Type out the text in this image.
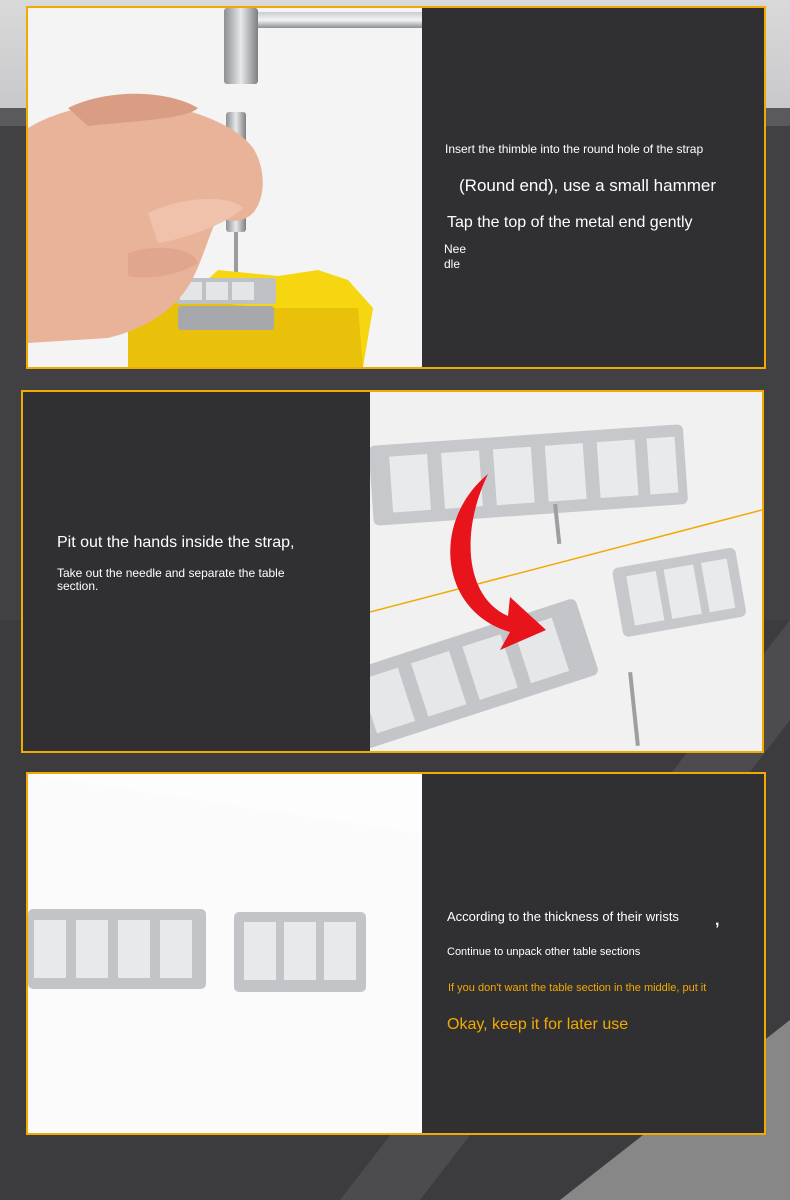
Insert the thimble into the round hole of the strap
(Round end), use a small hammer
Tap the top of the metal end gently
Nee
dle
Pit out the hands inside the strap,
Take out the needle and separate the table
section.
According to the thickness of their wrists ,
Continue to unpack other table sections
If you don't want the table section in the middle, put it
Okay, keep it for later use
